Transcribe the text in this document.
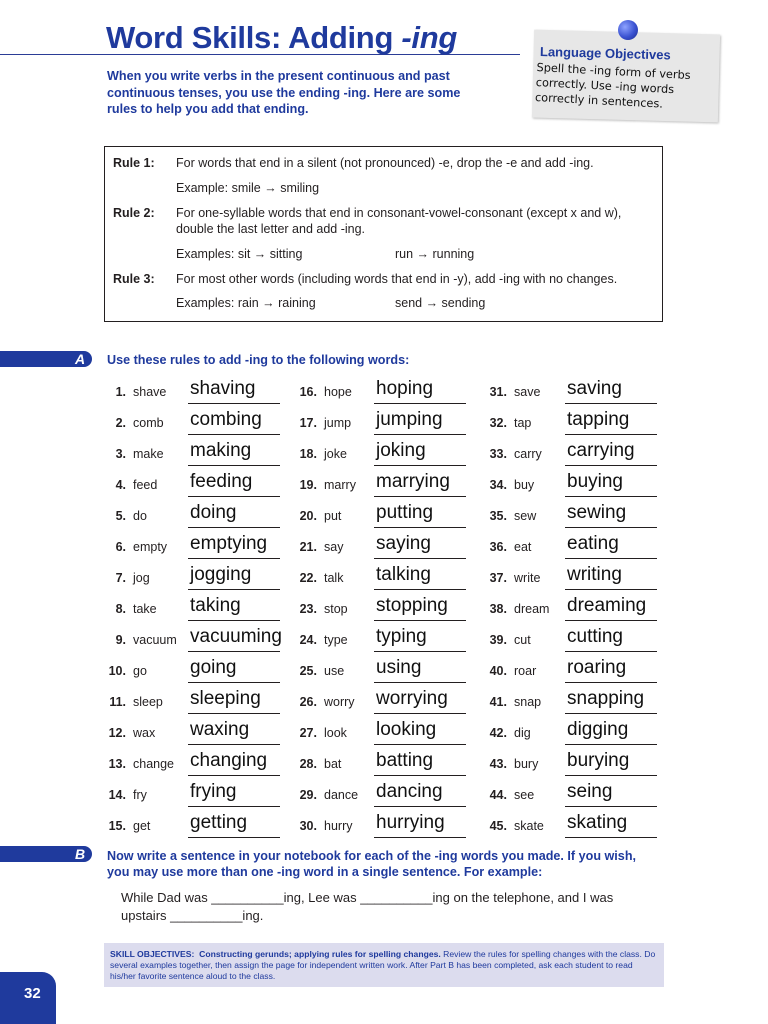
Word Skills: Adding -ing
When you write verbs in the present continuous and past continuous tenses, you use the ending -ing. Here are some rules to help you add that ending.
Language Objectives
Spell the -ing form of verbs
correctly. Use -ing words
correctly in sentences.
Rule 1: For words that end in a silent (not pronounced) -e, drop the -e and add -ing.
Example: smile → smiling
Rule 2: For one-syllable words that end in consonant-vowel-consonant (except x and w), double the last letter and add -ing.
Examples: sit → sitting	run → running
Rule 3: For most other words (including words that end in -y), add -ing with no changes.
Examples: rain → raining	send → sending
A Use these rules to add -ing to the following words:
1. shave shaving
2. comb combing
3. make making
4. feed feeding
5. do doing
6. empty emptying
7. jog jogging
8. take taking
9. vacuum vacuuming
10. go going
11. sleep sleeping
12. wax waxing
13. change changing
14. fry frying
15. get getting
16. hope hoping
17. jump jumping
18. joke joking
19. marry marrying
20. put putting
21. say saying
22. talk talking
23. stop stopping
24. type typing
25. use using
26. worry worrying
27. look looking
28. bat batting
29. dance dancing
30. hurry hurrying
31. save saving
32. tap tapping
33. carry carrying
34. buy buying
35. sew sewing
36. eat eating
37. write writing
38. dream dreaming
39. cut cutting
40. roar roaring
41. snap snapping
42. dig digging
43. bury burying
44. see seing
45. skate skating
B Now write a sentence in your notebook for each of the -ing words you made. If you wish, you may use more than one -ing word in a single sentence. For example:
While Dad was __________ing, Lee was __________ing on the telephone, and I was upstairs __________ing.
SKILL OBJECTIVES: Constructing gerunds; applying rules for spelling changes. Review the rules for spelling changes with the class. Do several examples together, then assign the page for independent written work. After Part B has been completed, ask each student to read his/her favorite sentence aloud to the class.
32
